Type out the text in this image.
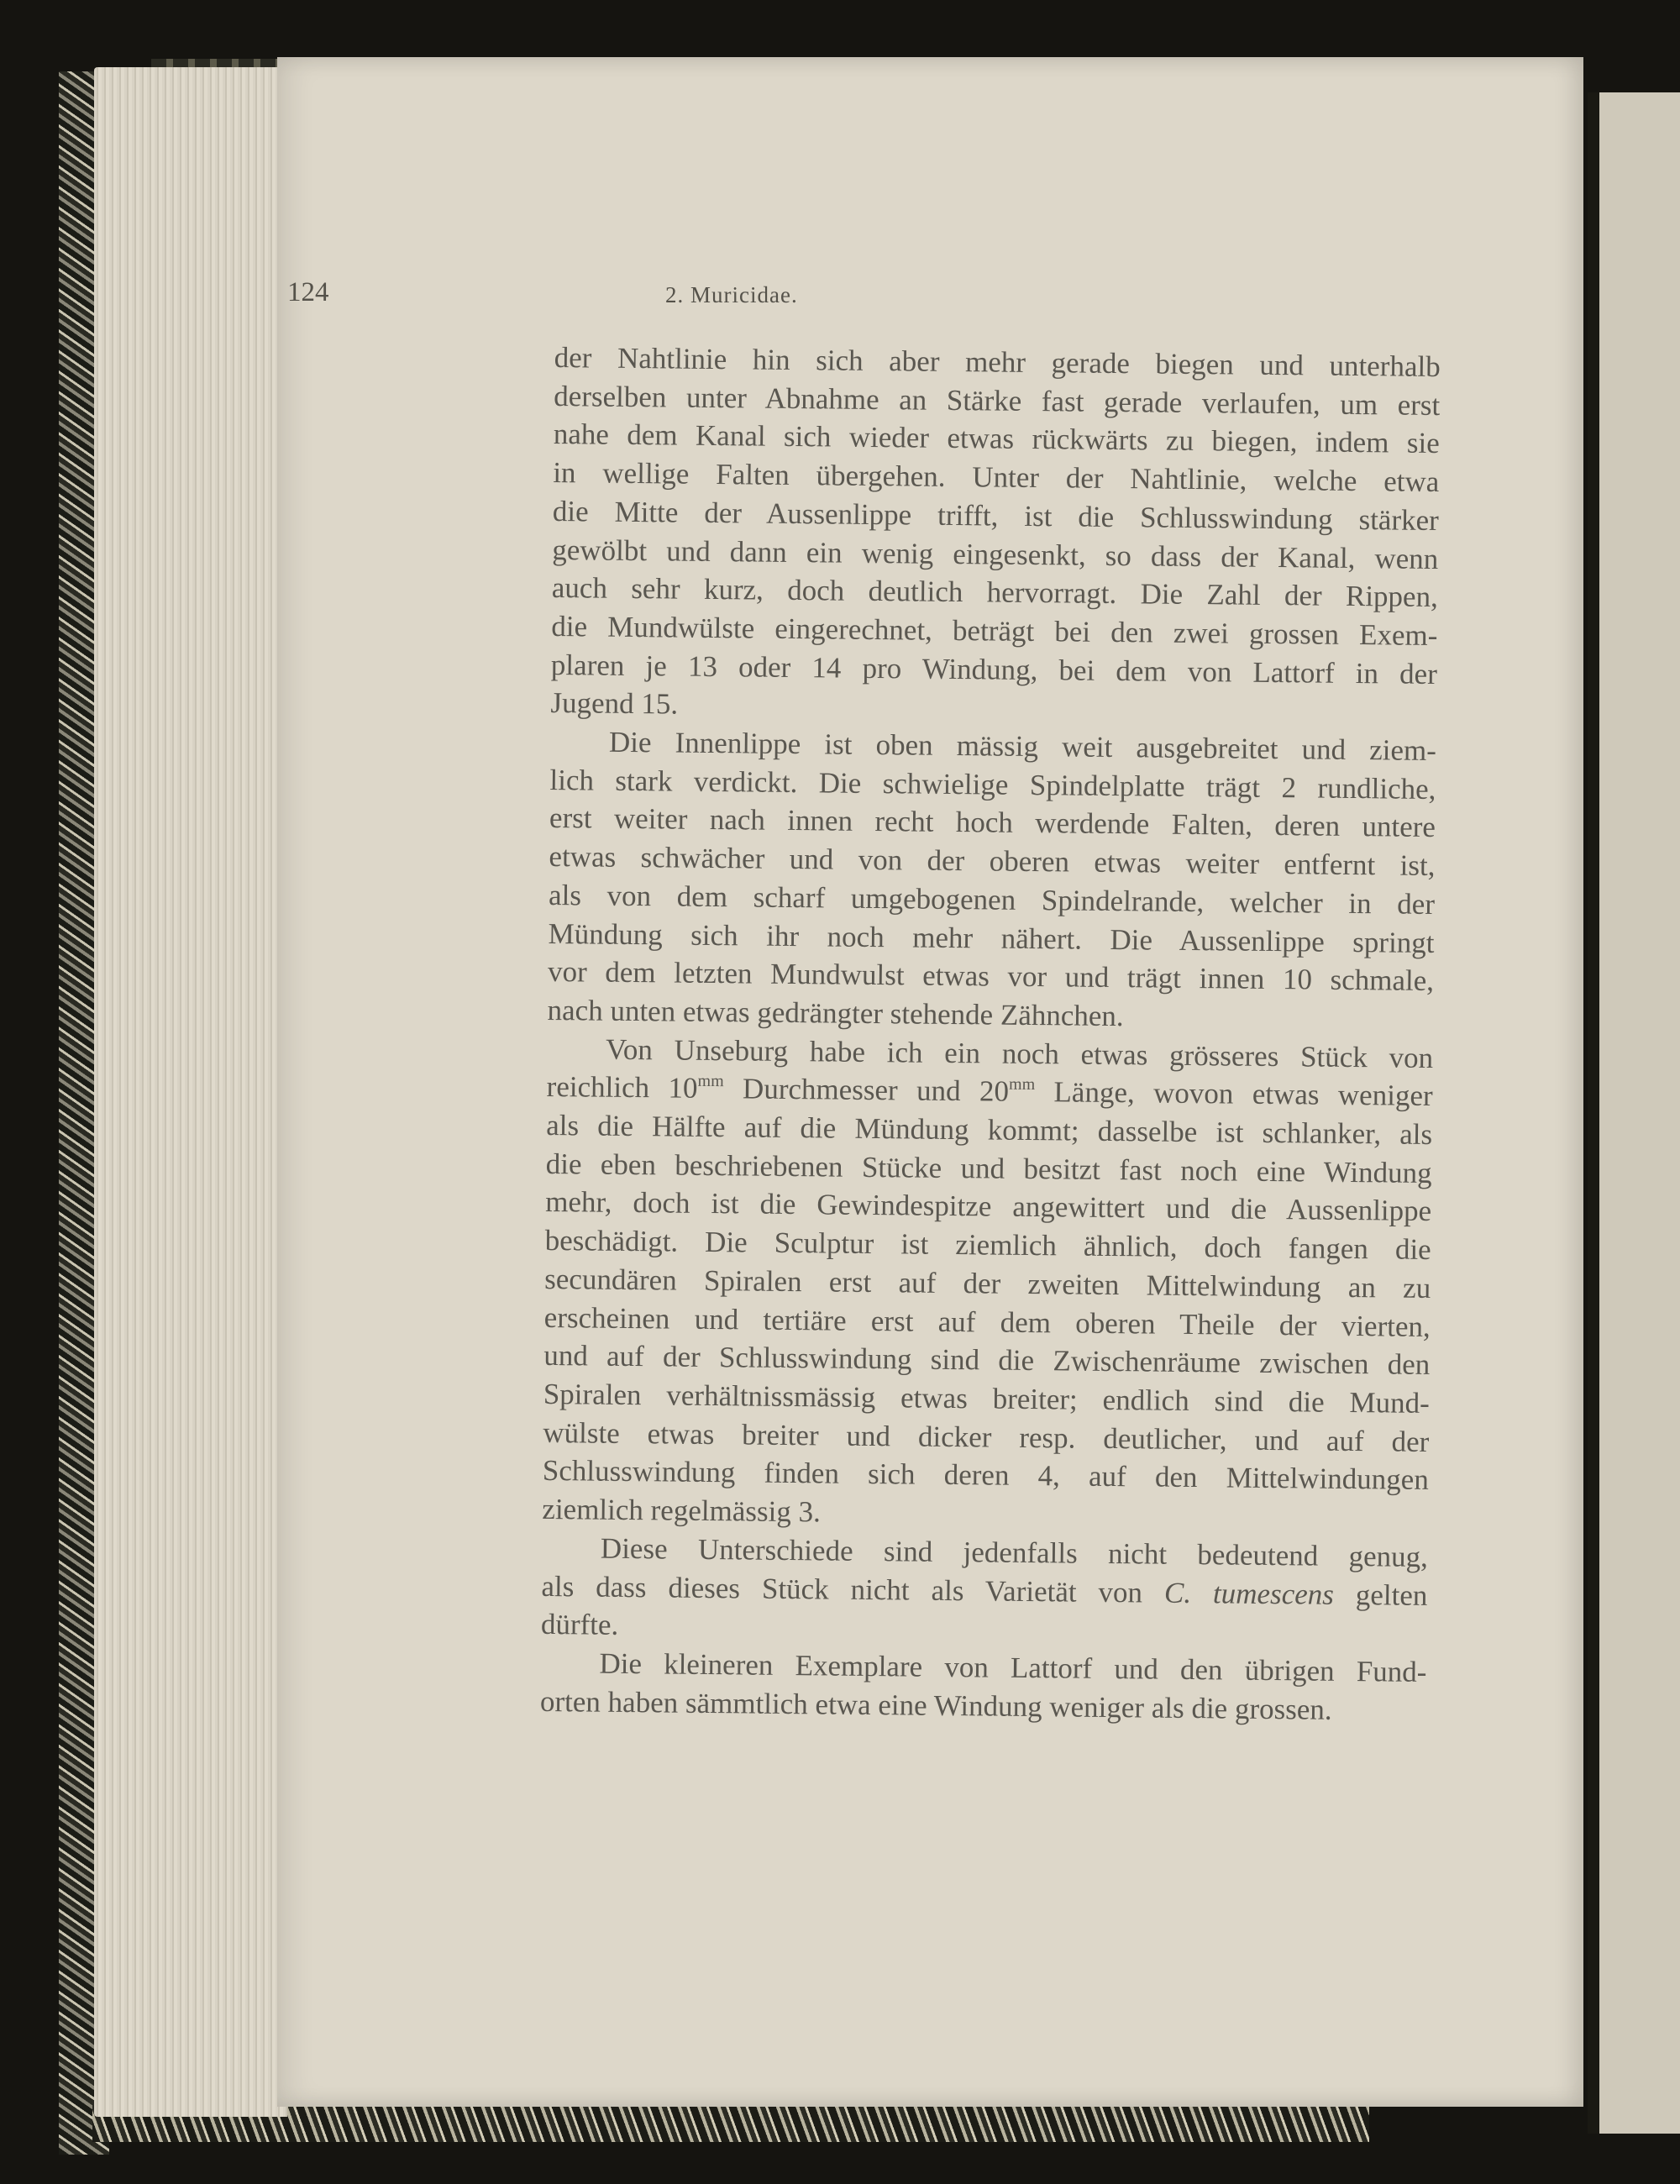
124	2. Muricidae.

der Nahtlinie hin sich aber mehr gerade biegen und unterhalb
derselben unter Abnahme an Stärke fast gerade verlaufen, um erst
nahe dem Kanal sich wieder etwas rückwärts zu biegen, indem sie
in wellige Falten übergehen. Unter der Nahtlinie, welche etwa
die Mitte der Aussenlippe trifft, ist die Schlusswindung stärker
gewölbt und dann ein wenig eingesenkt, so dass der Kanal, wenn
auch sehr kurz, doch deutlich hervorragt. Die Zahl der Rippen,
die Mundwülste eingerechnet, beträgt bei den zwei grossen Exem-
plaren je 13 oder 14 pro Windung, bei dem von Lattorf in der
Jugend 15.

Die Innenlippe ist oben mässig weit ausgebreitet und ziem-
lich stark verdickt. Die schwielige Spindelplatte trägt 2 rundliche,
erst weiter nach innen recht hoch werdende Falten, deren untere
etwas schwächer und von der oberen etwas weiter entfernt ist,
als von dem scharf umgebogenen Spindelrande, welcher in der
Mündung sich ihr noch mehr nähert. Die Aussenlippe springt
vor dem letzten Mundwulst etwas vor und trägt innen 10 schmale,
nach unten etwas gedrängter stehende Zähnchen.

Von Unseburg habe ich ein noch etwas grösseres Stück von
reichlich $10^{mm}$ Durchmesser und $20^{mm}$ Länge, wovon etwas weniger
als die Hälfte auf die Mündung kommt; dasselbe ist schlanker, als
die eben beschriebenen Stücke und besitzt fast noch eine Windung
mehr, doch ist die Gewindespitze angewittert und die Aussenlippe
beschädigt. Die Sculptur ist ziemlich ähnlich, doch fangen die
secundären Spiralen erst auf der zweiten Mittelwindung an zu
erscheinen und tertiäre erst auf dem oberen Theile der vierten,
und auf der Schlusswindung sind die Zwischenräume zwischen den
Spiralen verhältnissmässig etwas breiter; endlich sind die Mund-
wülste etwas breiter und dicker resp. deutlicher, und auf der
Schlusswindung finden sich deren 4, auf den Mittelwindungen
ziemlich regelmässig 3.

Diese Unterschiede sind jedenfalls nicht bedeutend genug,
als dass dieses Stück nicht als Varietät von C. tumescens gelten
dürfte.

Die kleineren Exemplare von Lattorf und den übrigen Fund-
orten haben sämmtlich etwa eine Windung weniger als die grossen.
